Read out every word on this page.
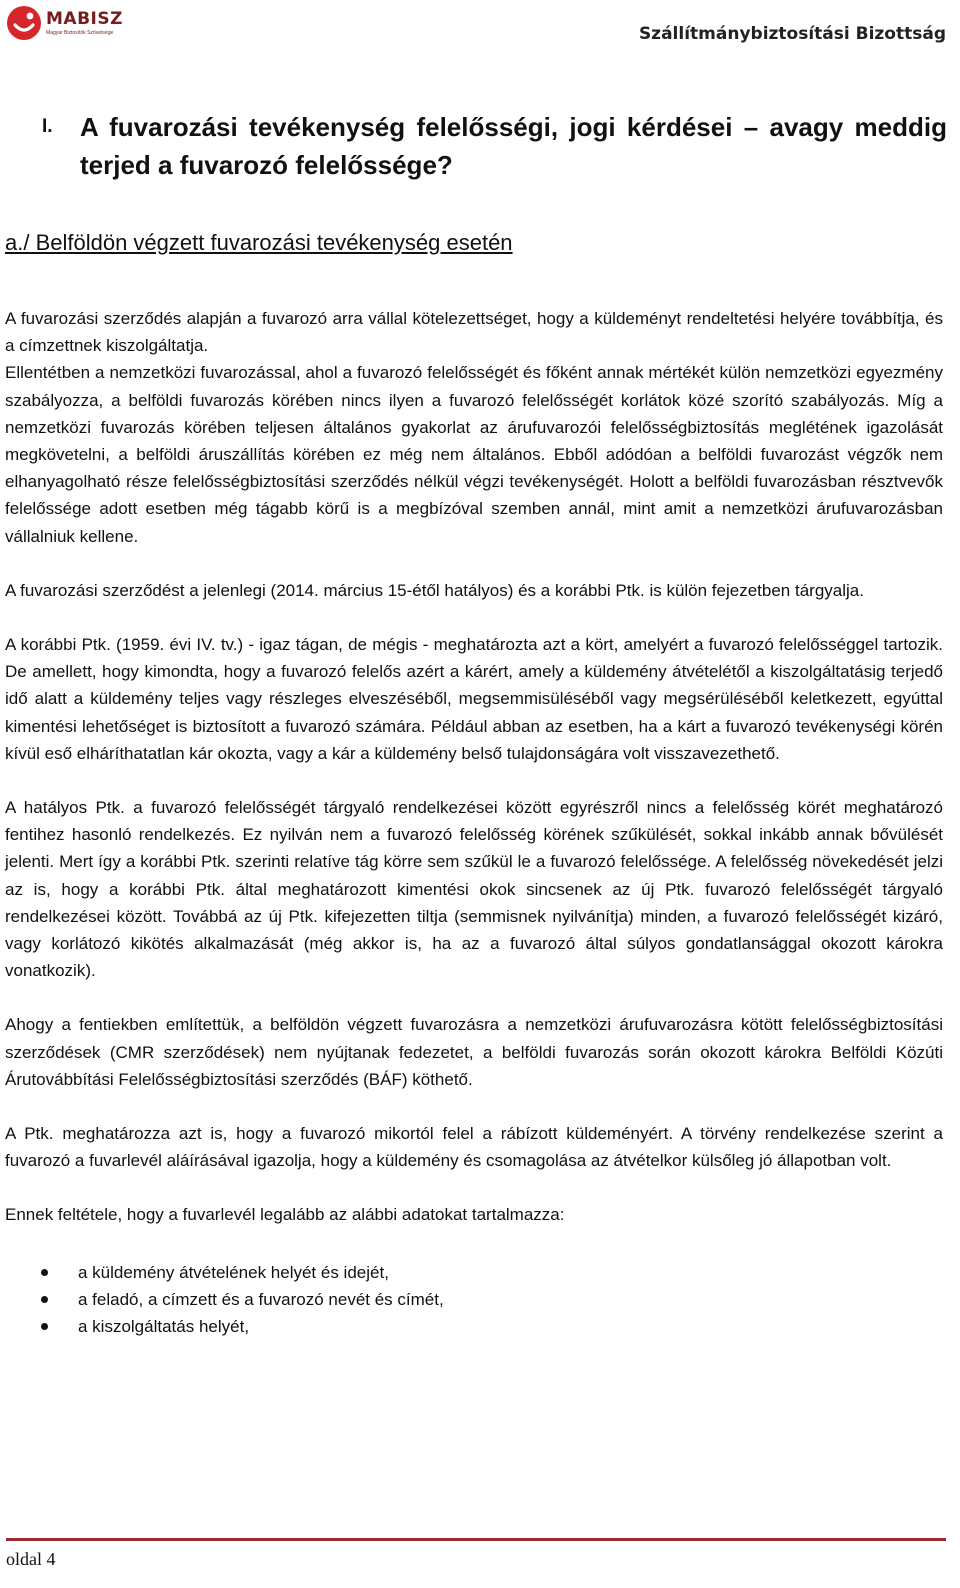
MABISZ
Magyar Biztosítók Szövetsége	Szállítmánybiztosítási Bizottság
I. A fuvarozási tevékenység felelősségi, jogi kérdései – avagy meddig terjed a fuvarozó felelőssége?
a./ Belföldön végzett fuvarozási tevékenység esetén

A fuvarozási szerződés alapján a fuvarozó arra vállal kötelezettséget, hogy a küldeményt rendeltetési helyére továbbítja, és a címzettnek kiszolgáltatja.

Ellentétben a nemzetközi fuvarozással, ahol a fuvarozó felelősségét és főként annak mértékét külön nemzetközi egyezmény szabályozza, a belföldi fuvarozás körében nincs ilyen a fuvarozó felelősségét korlátok közé szorító szabályozás. Míg a nemzetközi fuvarozás körében teljesen általános gyakorlat az árufuvarozói felelősségbiztosítás meglétének igazolását megkövetelni, a belföldi áruszállítás körében ez még nem általános. Ebből adódóan a belföldi fuvarozást végzők nem elhanyagolható része felelősségbiztosítási szerződés nélkül végzi tevékenységét. Holott a belföldi fuvarozásban résztvevők felelőssége adott esetben még tágabb körű is a megbízóval szemben annál, mint amit a nemzetközi árufuvarozásban vállalniuk kellene.

A fuvarozási szerződést a jelenlegi (2014. március 15-étől hatályos) és a korábbi Ptk. is külön fejezetben tárgyalja.

A korábbi Ptk. (1959. évi IV. tv.) - igaz tágan, de mégis - meghatározta azt a kört, amelyért a fuvarozó felelősséggel tartozik. De amellett, hogy kimondta, hogy a fuvarozó felelős azért a kárért, amely a küldemény átvételétől a kiszolgáltatásig terjedő idő alatt a küldemény teljes vagy részleges elveszéséből, megsemmisüléséből vagy megsérüléséből keletkezett, egyúttal kimentési lehetőséget is biztosított a fuvarozó számára. Például abban az esetben, ha a kárt a fuvarozó tevékenységi körén kívül eső elháríthatatlan kár okozta, vagy a kár a küldemény belső tulajdonságára volt visszavezethető.

A hatályos Ptk. a fuvarozó felelősségét tárgyaló rendelkezései között egyrészről nincs a felelősség körét meghatározó fentihez hasonló rendelkezés. Ez nyilván nem a fuvarozó felelősség körének szűkülését, sokkal inkább annak bővülését jelenti. Mert így a korábbi Ptk. szerinti relatíve tág körre sem szűkül le a fuvarozó felelőssége. A felelősség növekedését jelzi az is, hogy a korábbi Ptk. által meghatározott kimentési okok sincsenek az új Ptk. fuvarozó felelősségét tárgyaló rendelkezései között. Továbbá az új Ptk. kifejezetten tiltja (semmisnek nyilvánítja) minden, a fuvarozó felelősségét kizáró, vagy korlátozó kikötés alkalmazását (még akkor is, ha az a fuvarozó által súlyos gondatlansággal okozott károkra vonatkozik).

Ahogy a fentiekben említettük, a belföldön végzett fuvarozásra a nemzetközi árufuvarozásra kötött felelősségbiztosítási szerződések (CMR szerződések) nem nyújtanak fedezetet, a belföldi fuvarozás során okozott károkra Belföldi Közúti Árutovábbítási Felelősségbiztosítási szerződés (BÁF) köthető.

A Ptk. meghatározza azt is, hogy a fuvarozó mikortól felel a rábízott küldeményért. A törvény rendelkezése szerint a fuvarozó a fuvarlevél aláírásával igazolja, hogy a küldemény és csomagolása az átvételkor külsőleg jó állapotban volt.

Ennek feltétele, hogy a fuvarlevél legalább az alábbi adatokat tartalmazza:

a küldemény átvételének helyét és idejét,
a feladó, a címzett és a fuvarozó nevét és címét,
a kiszolgáltatás helyét,
oldal 4
